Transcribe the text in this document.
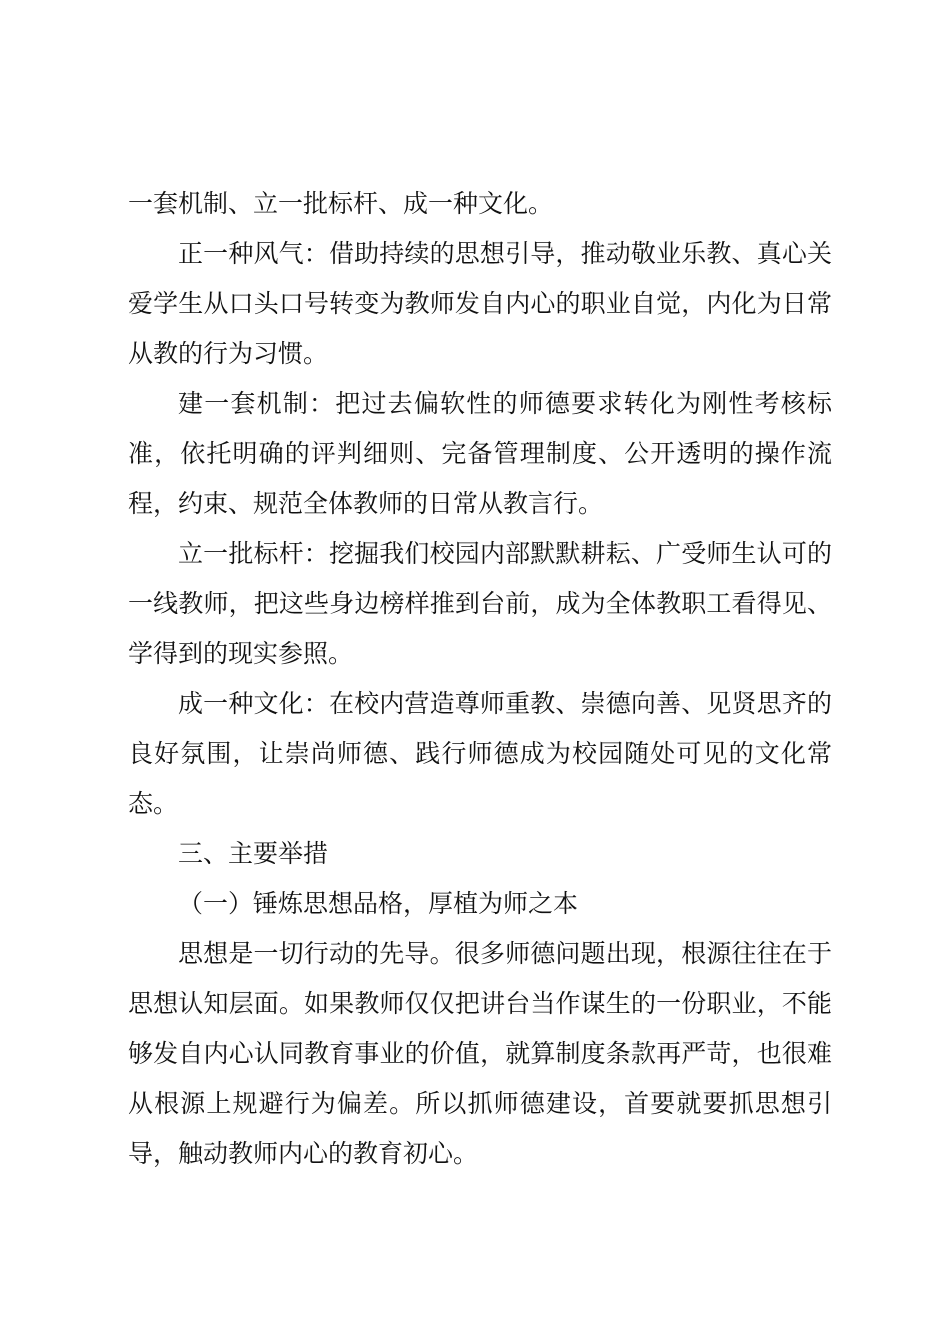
一套机制、立一批标杆、成一种文化。

正一种风气：借助持续的思想引导，推动敬业乐教、真心关爱学生从口头口号转变为教师发自内心的职业自觉，内化为日常从教的行为习惯。

建一套机制：把过去偏软性的师德要求转化为刚性考核标准，依托明确的评判细则、完备管理制度、公开透明的操作流程，约束、规范全体教师的日常从教言行。

立一批标杆：挖掘我们校园内部默默耕耘、广受师生认可的一线教师，把这些身边榜样推到台前，成为全体教职工看得见、学得到的现实参照。

成一种文化：在校内营造尊师重教、崇德向善、见贤思齐的良好氛围，让崇尚师德、践行师德成为校园随处可见的文化常态。

三、主要举措

（一）锤炼思想品格，厚植为师之本

思想是一切行动的先导。很多师德问题出现，根源往往在于思想认知层面。如果教师仅仅把讲台当作谋生的一份职业，不能够发自内心认同教育事业的价值，就算制度条款再严苛，也很难从根源上规避行为偏差。所以抓师德建设，首要就要抓思想引导，触动教师内心的教育初心。
